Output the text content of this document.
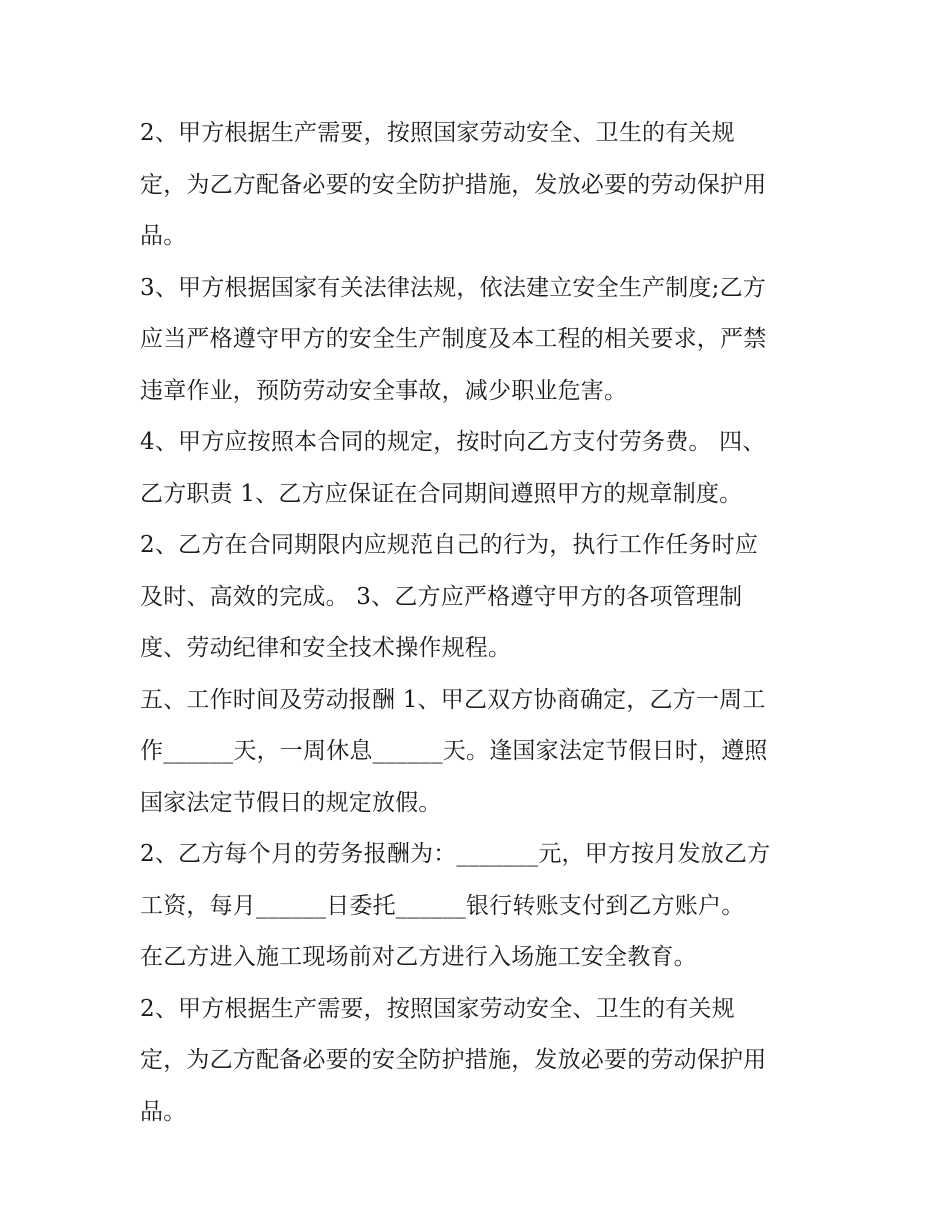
2、甲方根据生产需要，按照国家劳动安全、卫生的有关规
定，为乙方配备必要的安全防护措施，发放必要的劳动保护用
品。
3、甲方根据国家有关法律法规，依法建立安全生产制度;乙方
应当严格遵守甲方的安全生产制度及本工程的相关要求，严禁
违章作业，预防劳动安全事故，减少职业危害。
4、甲方应按照本合同的规定，按时向乙方支付劳务费。 四、
乙方职责 1、乙方应保证在合同期间遵照甲方的规章制度。
2、乙方在合同期限内应规范自己的行为，执行工作任务时应
及时、高效的完成。 3、乙方应严格遵守甲方的各项管理制
度、劳动纪律和安全技术操作规程。
五、工作时间及劳动报酬 1、甲乙双方协商确定，乙方一周工
作______天，一周休息______天。逢国家法定节假日时，遵照
国家法定节假日的规定放假。
2、乙方每个月的劳务报酬为：_______元，甲方按月发放乙方
工资，每月______日委托______银行转账支付到乙方账户。
在乙方进入施工现场前对乙方进行入场施工安全教育。
2、甲方根据生产需要，按照国家劳动安全、卫生的有关规
定，为乙方配备必要的安全防护措施，发放必要的劳动保护用
品。
